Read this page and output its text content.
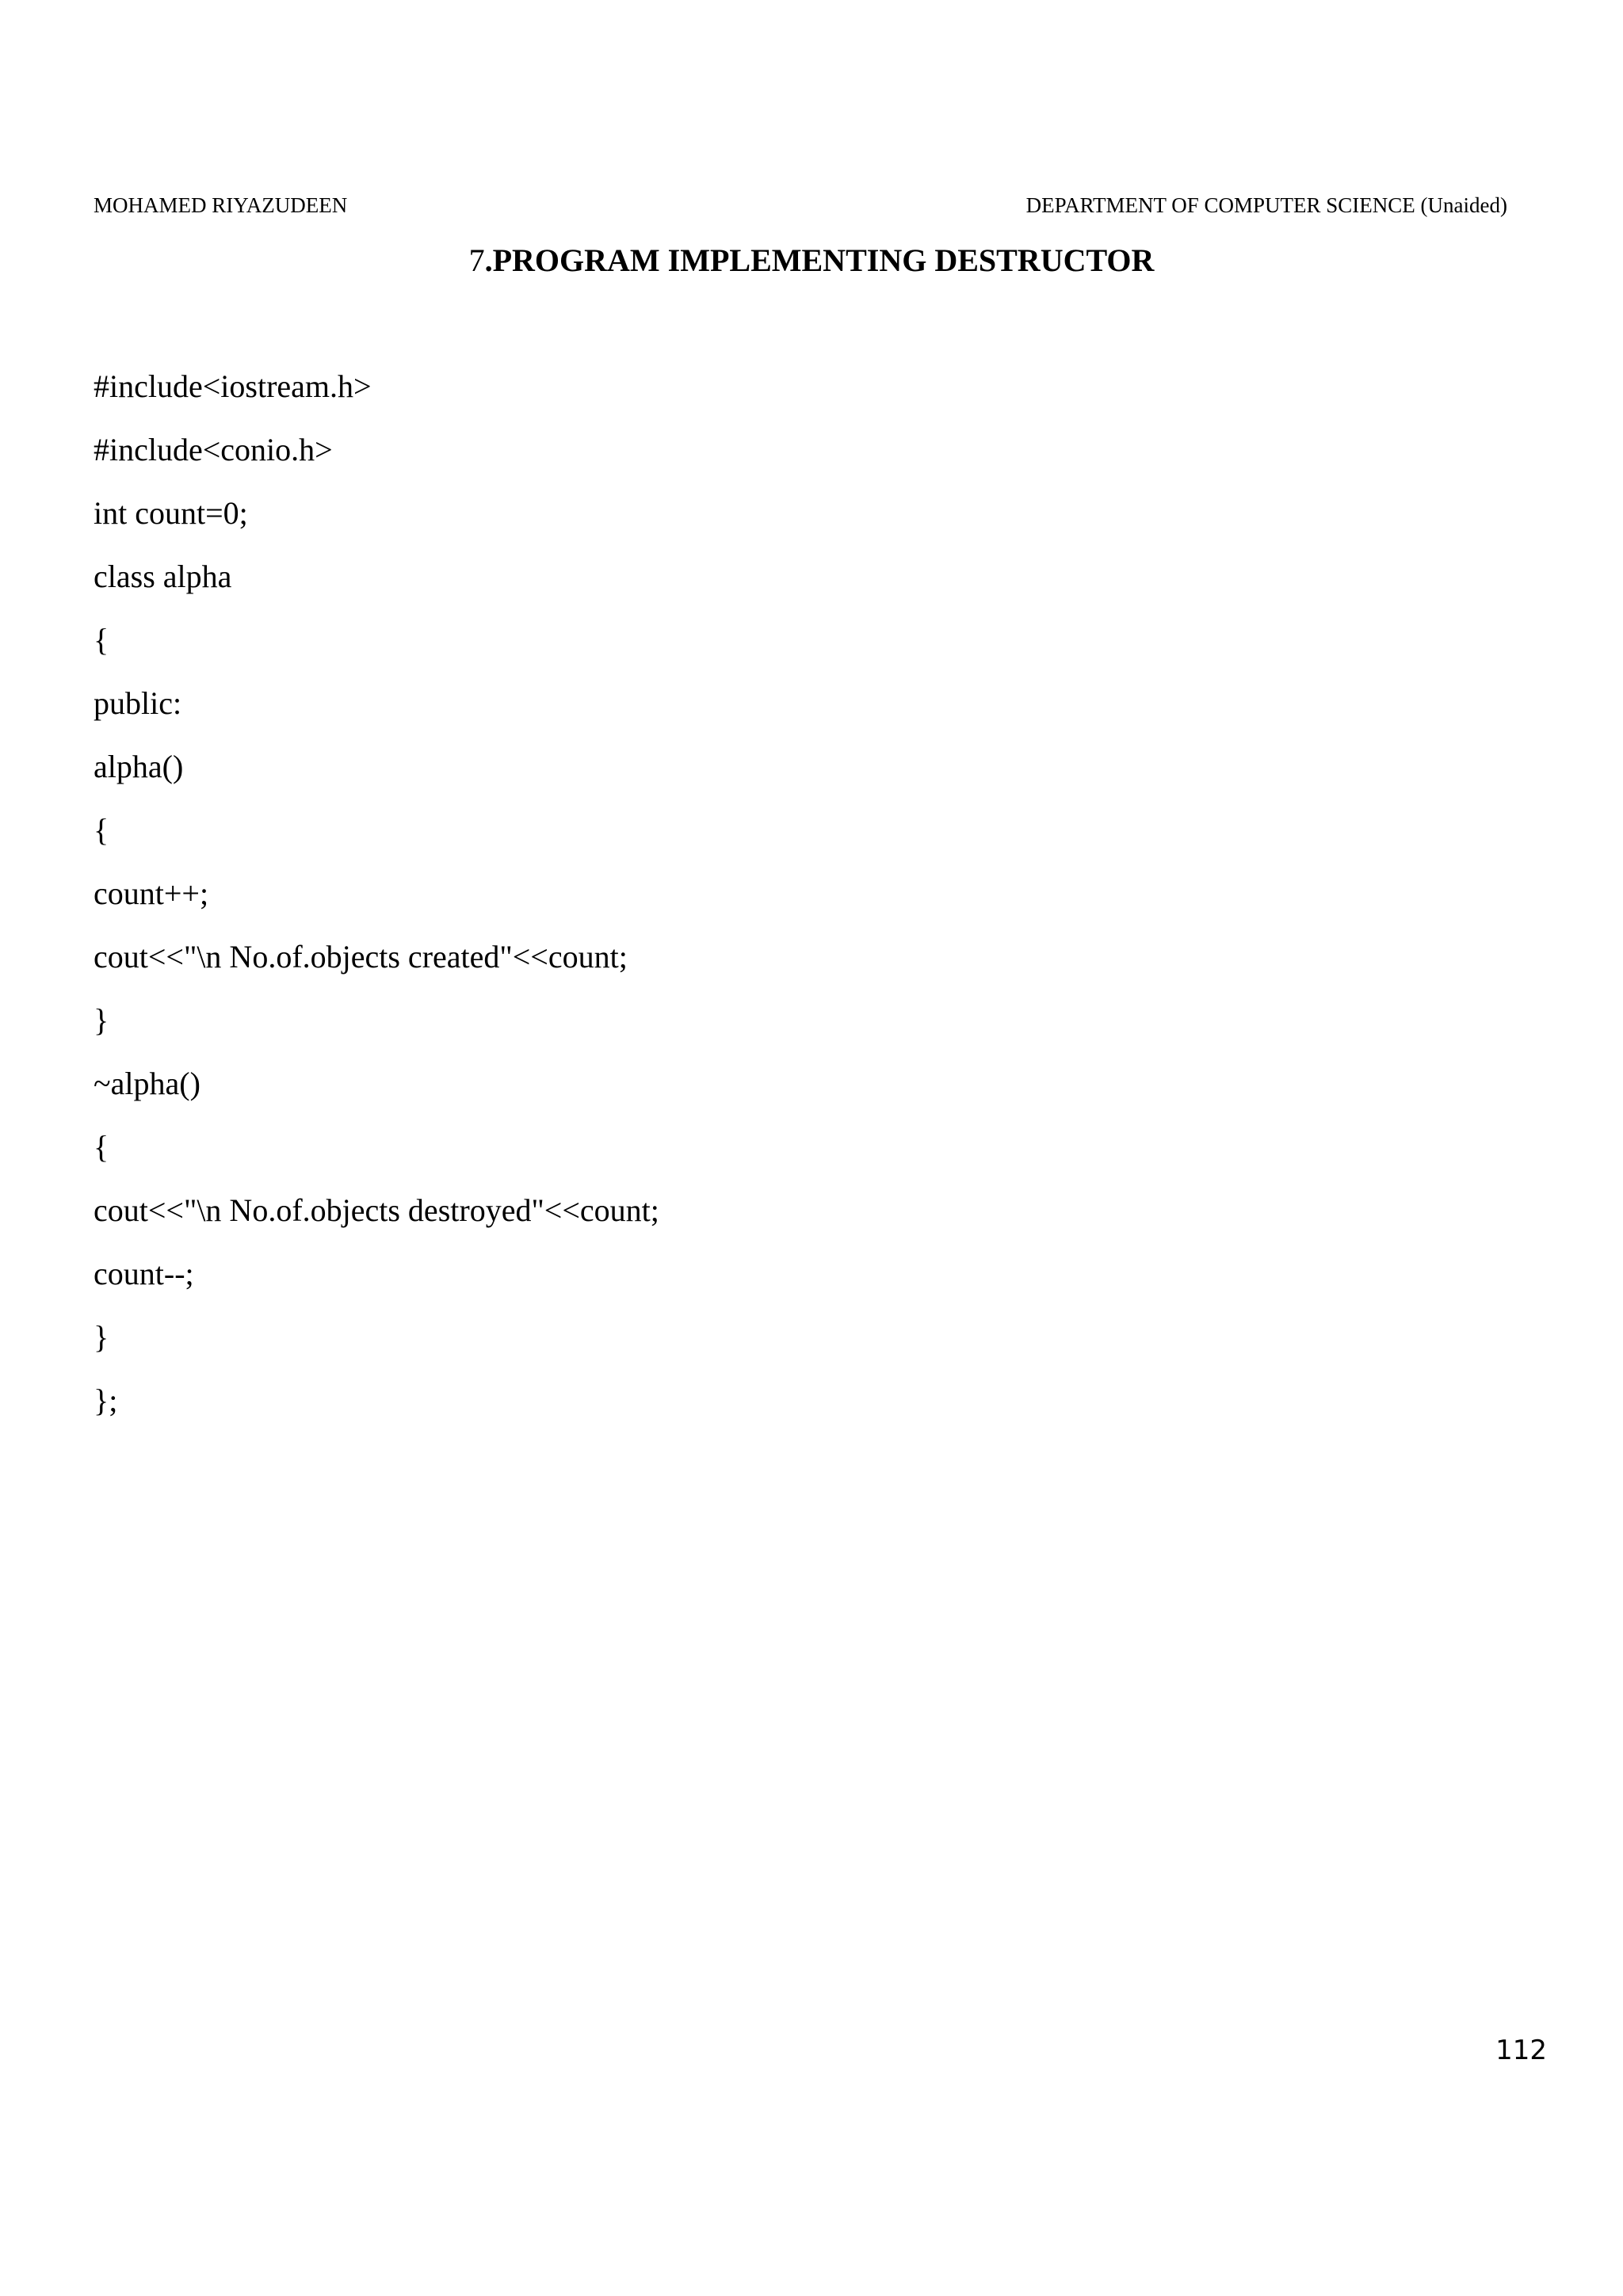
MOHAMED RIYAZUDEEN	DEPARTMENT OF COMPUTER SCIENCE (Unaided)
7.PROGRAM IMPLEMENTING DESTRUCTOR
#include<iostream.h>
#include<conio.h>
int count=0;
class alpha
{
public:
alpha()
{
count++;
cout<<"\n No.of.objects created"<<count;
}
~alpha()
{
cout<<"\n No.of.objects destroyed"<<count;
count--;
}
};
112
